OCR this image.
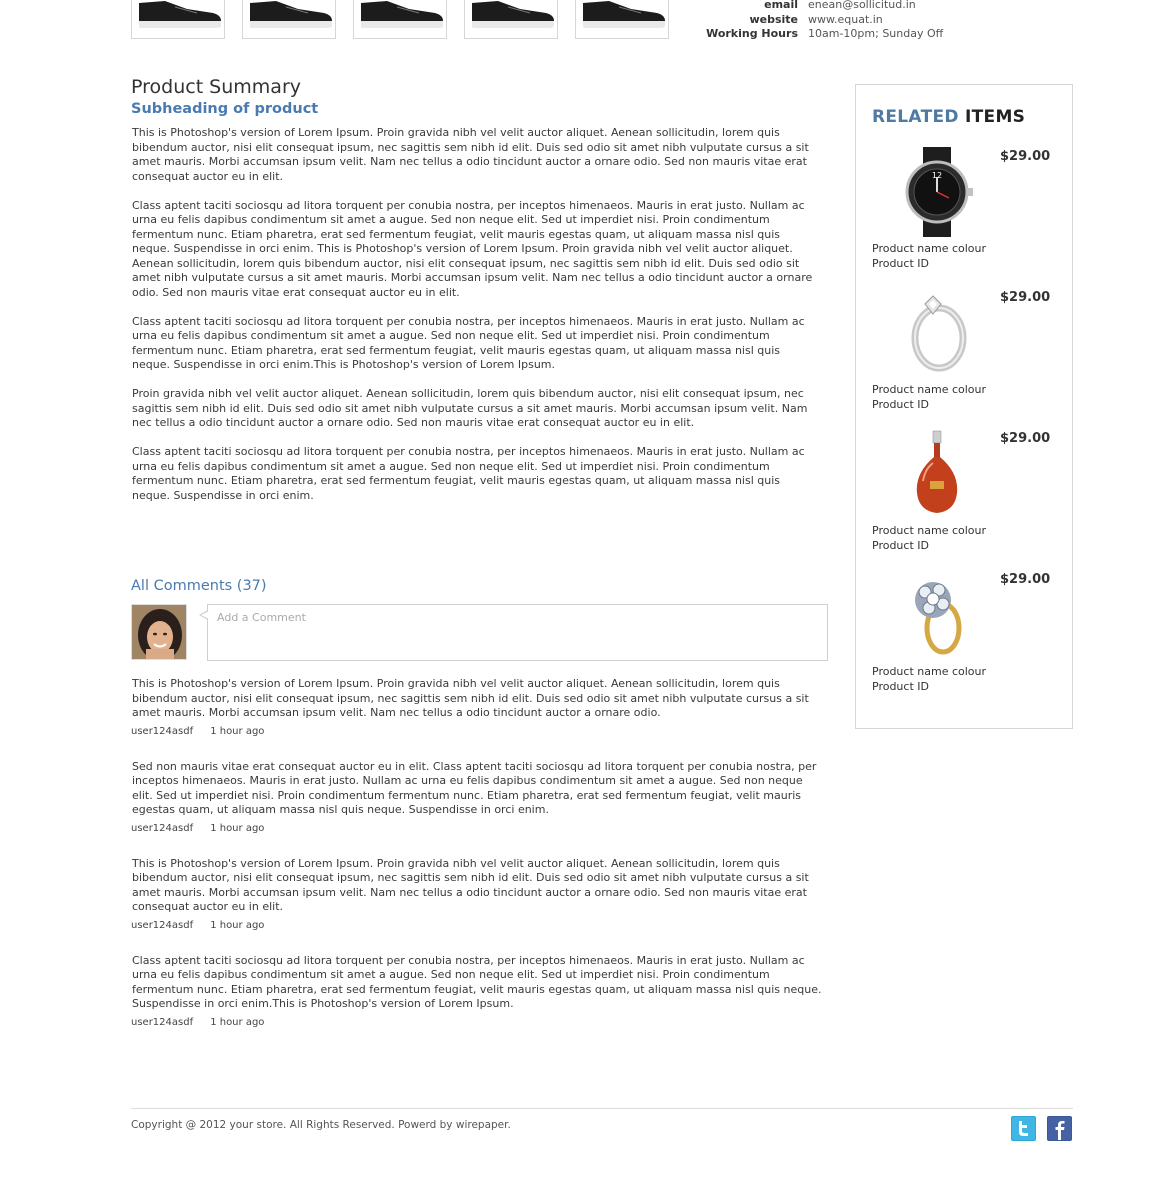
email enean@sollicitud.in
website www.equat.in
Working Hours 10am-10pm; Sunday Off
Product Summary
Subheading of product

This is Photoshop's version of Lorem Ipsum. Proin gravida nibh vel velit auctor aliquet. Aenean sollicitudin, lorem quis bibendum auctor, nisi elit consequat ipsum, nec sagittis sem nibh id elit. Duis sed odio sit amet nibh vulputate cursus a sit amet mauris. Morbi accumsan ipsum velit. Nam nec tellus a odio tincidunt auctor a ornare odio. Sed non mauris vitae erat consequat auctor eu in elit.

Class aptent taciti sociosqu ad litora torquent per conubia nostra, per inceptos himenaeos. Mauris in erat justo. Nullam ac urna eu felis dapibus condimentum sit amet a augue. Sed non neque elit. Sed ut imperdiet nisi. Proin condimentum fermentum nunc. Etiam pharetra, erat sed fermentum feugiat, velit mauris egestas quam, ut aliquam massa nisl quis neque. Suspendisse in orci enim. This is Photoshop's version of Lorem Ipsum. Proin gravida nibh vel velit auctor aliquet. Aenean sollicitudin, lorem quis bibendum auctor, nisi elit consequat ipsum, nec sagittis sem nibh id elit. Duis sed odio sit amet nibh vulputate cursus a sit amet mauris. Morbi accumsan ipsum velit. Nam nec tellus a odio tincidunt auctor a ornare odio. Sed non mauris vitae erat consequat auctor eu in elit.

Class aptent taciti sociosqu ad litora torquent per conubia nostra, per inceptos himenaeos. Mauris in erat justo. Nullam ac urna eu felis dapibus condimentum sit amet a augue. Sed non neque elit. Sed ut imperdiet nisi. Proin condimentum fermentum nunc. Etiam pharetra, erat sed fermentum feugiat, velit mauris egestas quam, ut aliquam massa nisl quis neque. Suspendisse in orci enim.This is Photoshop's version of Lorem Ipsum.

Proin gravida nibh vel velit auctor aliquet. Aenean sollicitudin, lorem quis bibendum auctor, nisi elit consequat ipsum, nec sagittis sem nibh id elit. Duis sed odio sit amet nibh vulputate cursus a sit amet mauris. Morbi accumsan ipsum velit. Nam nec tellus a odio tincidunt auctor a ornare odio. Sed non mauris vitae erat consequat auctor eu in elit.

Class aptent taciti sociosqu ad litora torquent per conubia nostra, per inceptos himenaeos. Mauris in erat justo. Nullam ac urna eu felis dapibus condimentum sit amet a augue. Sed non neque elit. Sed ut imperdiet nisi. Proin condimentum fermentum nunc. Etiam pharetra, erat sed fermentum feugiat, velit mauris egestas quam, ut aliquam massa nisl quis neque. Suspendisse in orci enim.

All Comments (37)
Add a Comment
This is Photoshop's version of Lorem Ipsum. Proin gravida nibh vel velit auctor aliquet. Aenean sollicitudin, lorem quis bibendum auctor, nisi elit consequat ipsum, nec sagittis sem nibh id elit. Duis sed odio sit amet nibh vulputate cursus a sit amet mauris. Morbi accumsan ipsum velit. Nam nec tellus a odio tincidunt auctor a ornare odio.
user124asdf 1 hour ago
Sed non mauris vitae erat consequat auctor eu in elit. Class aptent taciti sociosqu ad litora torquent per conubia nostra, per inceptos himenaeos. Mauris in erat justo. Nullam ac urna eu felis dapibus condimentum sit amet a augue. Sed non neque elit. Sed ut imperdiet nisi. Proin condimentum fermentum nunc. Etiam pharetra, erat sed fermentum feugiat, velit mauris egestas quam, ut aliquam massa nisl quis neque. Suspendisse in orci enim.
user124asdf 1 hour ago
This is Photoshop's version of Lorem Ipsum. Proin gravida nibh vel velit auctor aliquet. Aenean sollicitudin, lorem quis bibendum auctor, nisi elit consequat ipsum, nec sagittis sem nibh id elit. Duis sed odio sit amet nibh vulputate cursus a sit amet mauris. Morbi accumsan ipsum velit. Nam nec tellus a odio tincidunt auctor a ornare odio. Sed non mauris vitae erat consequat auctor eu in elit.
user124asdf 1 hour ago
Class aptent taciti sociosqu ad litora torquent per conubia nostra, per inceptos himenaeos. Mauris in erat justo. Nullam ac urna eu felis dapibus condimentum sit amet a augue. Sed non neque elit. Sed ut imperdiet nisi. Proin condimentum fermentum nunc. Etiam pharetra, erat sed fermentum feugiat, velit mauris egestas quam, ut aliquam massa nisl quis neque. Suspendisse in orci enim.This is Photoshop's version of Lorem Ipsum.
user124asdf 1 hour ago
RELATED ITEMS
12
$29.00
Product name colour
Product ID
$29.00
Product name colour
Product ID
$29.00
Product name colour
Product ID
$29.00
Product name colour
Product ID
Copyright @ 2012 your store. All Rights Reserved. Powerd by wirepaper.
